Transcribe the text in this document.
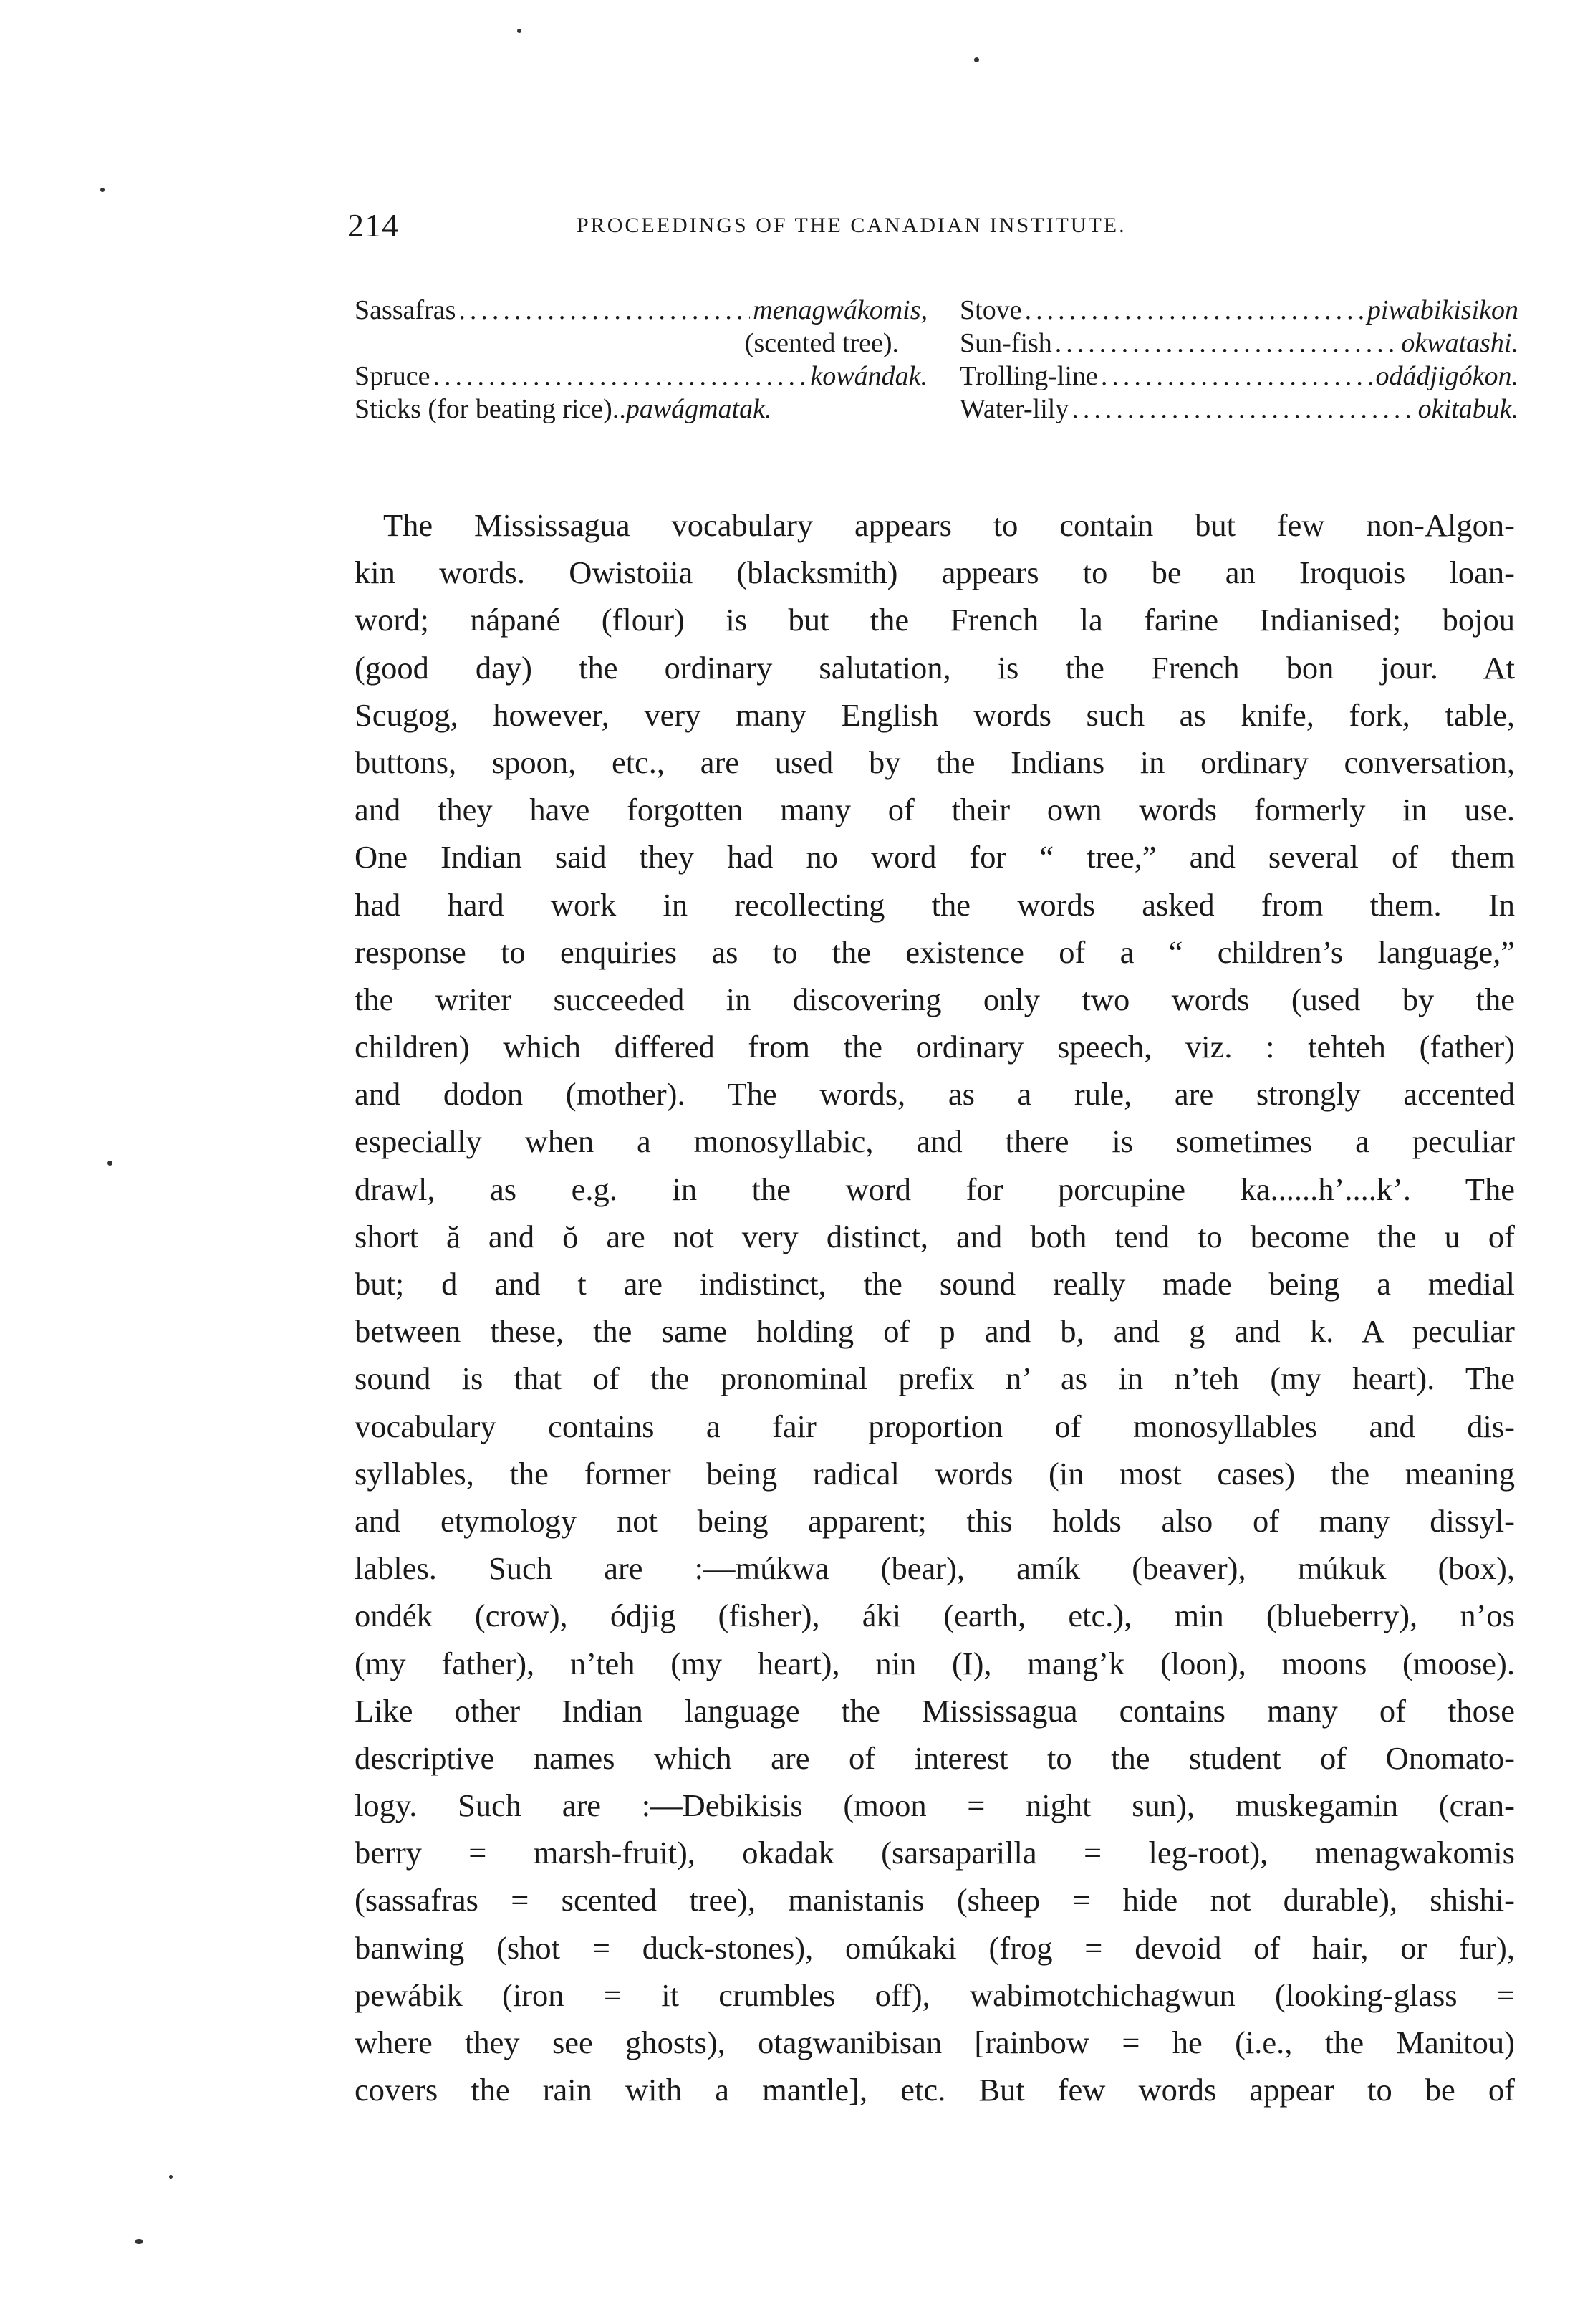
214	PROCEEDINGS OF THE CANADIAN INSTITUTE.
Sassafras .....	menagwákomis,
(scented tree).
Spruce .....	kowándak.
Sticks (for beating rice).. pawágmatak.
Stove .....	piwabikisikon
Sun-fish .....	okwatashi.
Trolling-line .....	odádjigókon.
Water-lily .....	okitabuk.
The Mississagua vocabulary appears to contain but few non-Algon-
kin words. Owistoiia (blacksmith) appears to be an Iroquois loan-
word; nápané (flour) is but the French la farine Indianised; bojou
(good day) the ordinary salutation, is the French bon jour. At
Scugog, however, very many English words such as knife, fork, table,
buttons, spoon, etc., are used by the Indians in ordinary conversation,
and they have forgotten many of their own words formerly in use.
One Indian said they had no word for “ tree,” and several of them
had hard work in recollecting the words asked from them. In
response to enquiries as to the existence of a “ children’s language,”
the writer succeeded in discovering only two words (used by the
children) which differed from the ordinary speech, viz. : tehteh (father)
and dodon (mother). The words, as a rule, are strongly accented
especially when a monosyllabic, and there is sometimes a peculiar
drawl, as e.g. in the word for porcupine ka......h’....k’. The
short ă and ŏ are not very distinct, and both tend to become the u of
but; d and t are indistinct, the sound really made being a medial
between these, the same holding of p and b, and g and k. A peculiar
sound is that of the pronominal prefix n’ as in n’teh (my heart). The
vocabulary contains a fair proportion of monosyllables and dis-
syllables, the former being radical words (in most cases) the meaning
and etymology not being apparent; this holds also of many dissyl-
lables. Such are :—múkwa (bear), amík (beaver), múkuk (box),
ondék (crow), ódjig (fisher), áki (earth, etc.), min (blueberry), n’os
(my father), n’teh (my heart), nin (I), mang’k (loon), moons (moose).
Like other Indian language the Mississagua contains many of those
descriptive names which are of interest to the student of Onomato-
logy. Such are :—Debikisis (moon = night sun), muskegamin (cran-
berry = marsh-fruit), okadak (sarsaparilla = leg-root), menagwakomis
(sassafras = scented tree), manistanis (sheep = hide not durable), shishi-
banwing (shot = duck-stones), omúkaki (frog = devoid of hair, or fur),
pewábik (iron = it crumbles off), wabimotchichagwun (looking-glass =
where they see ghosts), otagwanibisan [rainbow = he (i.e., the Manitou)
covers the rain with a mantle], etc. But few words appear to be of
